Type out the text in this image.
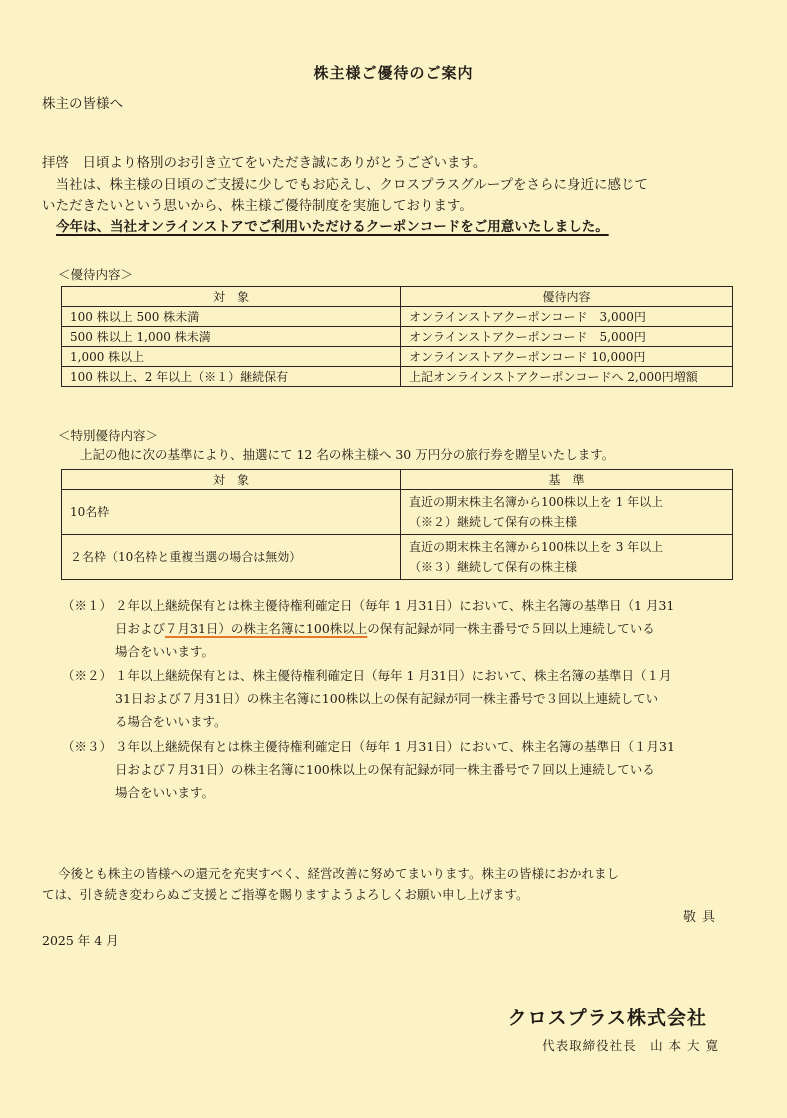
株主様ご優待のご案内
株主の皆様へ
拝啓　日頃より格別のお引き立てをいただき誠にありがとうございます。
　当社は、株主様の日頃のご支援に少しでもお応えし、クロスプラスグループをさらに身近に感じて
いただきたいという思いから、株主様ご優待制度を実施しております。
今年は、当社オンラインストアでご利用いただけるクーポンコードをご用意いたしました。
＜優待内容＞
対　象	優待内容
100 株以上 500 株未満	オンラインストアクーポンコード　3,000円
500 株以上 1,000 株未満	オンラインストアクーポンコード　5,000円
1,000 株以上	オンラインストアクーポンコード 10,000円
100 株以上、2 年以上（※１）継続保有	上記オンラインストアクーポンコードへ 2,000円増額
＜特別優待内容＞
上記の他に次の基準により、抽選にて 12 名の株主様へ 30 万円分の旅行券を贈呈いたします。
対　象	基　準
10名枠	直近の期末株主名簿から100株以上を 1 年以上
（※２）継続して保有の株主様

２名枠（10名枠と重複当選の場合は無効）	直近の期末株主名簿から100株以上を 3 年以上
（※３）継続して保有の株主様
（※１） ２年以上継続保有とは株主優待権利確定日（毎年 1 月31日）において、株主名簿の基準日（1 月31
日および７月31日）の株主名簿に100株以上の保有記録が同一株主番号で５回以上連続している
場合をいいます。
（※２） １年以上継続保有とは、株主優待権利確定日（毎年 1 月31日）において、株主名簿の基準日（１月
31日および７月31日）の株主名簿に100株以上の保有記録が同一株主番号で３回以上連続してい
る場合をいいます。
（※３） ３年以上継続保有とは株主優待権利確定日（毎年 1 月31日）において、株主名簿の基準日（１月31
日および７月31日）の株主名簿に100株以上の保有記録が同一株主番号で７回以上連続している
場合をいいます。
今後とも株主の皆様への還元を充実すべく、経営改善に努めてまいります。株主の皆様におかれまし
ては、引き続き変わらぬご支援とご指導を賜りますようよろしくお願い申し上げます。
敬具
2025 年 4 月
クロスプラス株式会社
代表取締役社長　山 本 大 寛
